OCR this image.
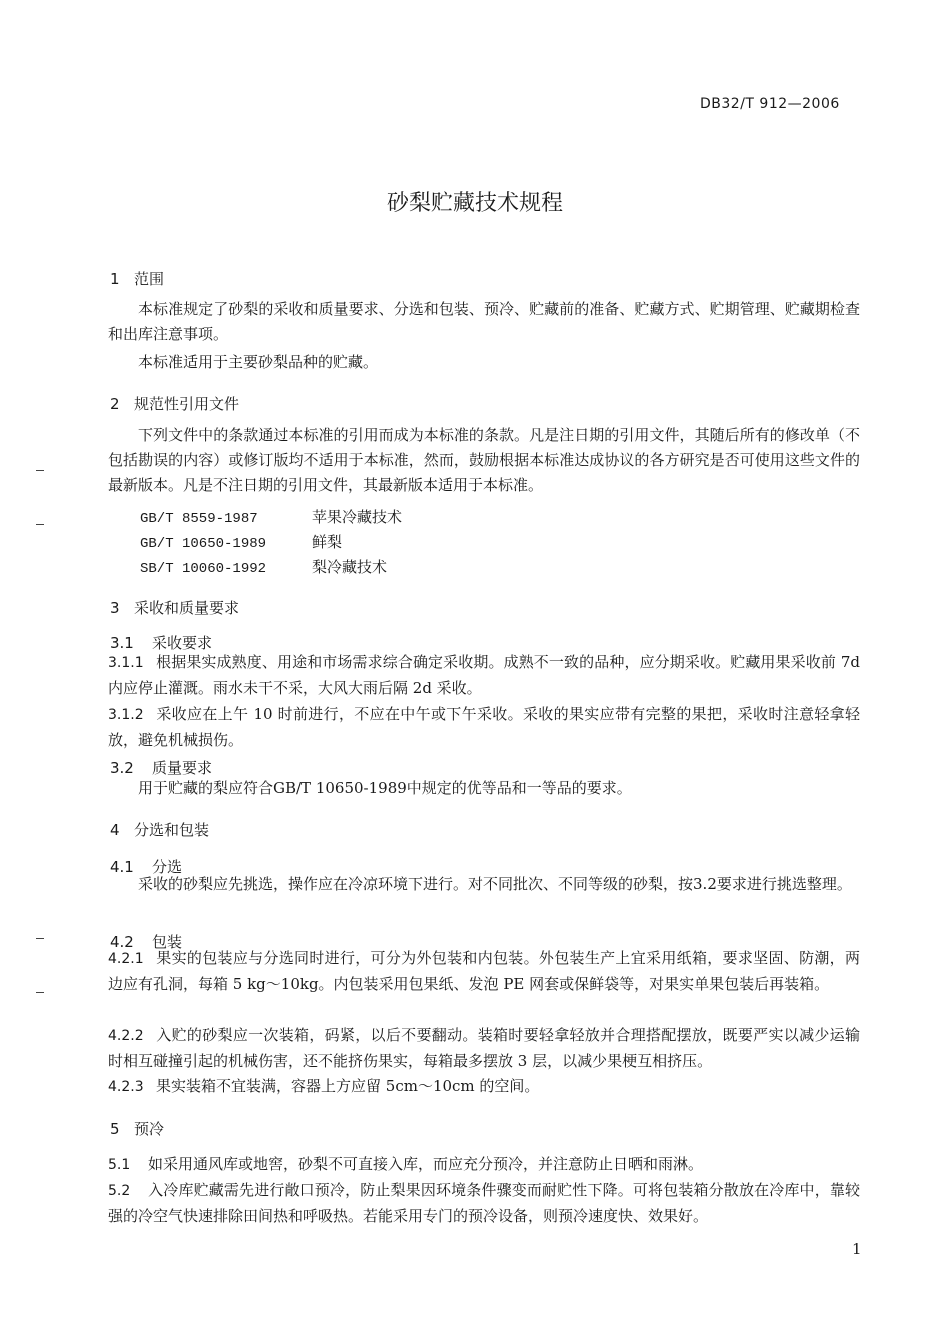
DB32/T 912—2006
砂梨贮藏技术规程
1 范围
本标准规定了砂梨的采收和质量要求、分选和包装、预冷、贮藏前的准备、贮藏方式、贮期管理、贮藏期检查和出库注意事项。
本标准适用于主要砂梨品种的贮藏。
2 规范性引用文件
下列文件中的条款通过本标准的引用而成为本标准的条款。凡是注日期的引用文件，其随后所有的修改单（不包括勘误的内容）或修订版均不适用于本标准，然而，鼓励根据本标准达成协议的各方研究是否可使用这些文件的最新版本。凡是不注日期的引用文件，其最新版本适用于本标准。
GB/T 8559-1987	苹果冷藏技术
GB/T 10650-1989	鲜梨
SB/T 10060-1992	梨冷藏技术
3 采收和质量要求
3.1 采收要求
3.1.1 根据果实成熟度、用途和市场需求综合确定采收期。成熟不一致的品种，应分期采收。贮藏用果采收前 7d 内应停止灌溉。雨水未干不采，大风大雨后隔 2d 采收。
3.1.2 采收应在上午 10 时前进行，不应在中午或下午采收。采收的果实应带有完整的果把，采收时注意轻拿轻放，避免机械损伤。
3.2 质量要求
用于贮藏的梨应符合GB/T 10650-1989中规定的优等品和一等品的要求。
4 分选和包装
4.1 分选
采收的砂梨应先挑选，操作应在冷凉环境下进行。对不同批次、不同等级的砂梨，按3.2要求进行挑选整理。
4.2 包装
4.2.1 果实的包装应与分选同时进行，可分为外包装和内包装。外包装生产上宜采用纸箱，要求坚固、防潮，两边应有孔洞，每箱 5 kg～10kg。内包装采用包果纸、发泡 PE 网套或保鲜袋等，对果实单果包装后再装箱。
4.2.2 入贮的砂梨应一次装箱，码紧，以后不要翻动。装箱时要轻拿轻放并合理搭配摆放，既要严实以减少运输时相互碰撞引起的机械伤害，还不能挤伤果实，每箱最多摆放 3 层，以减少果梗互相挤压。
4.2.3 果实装箱不宜装满，容器上方应留 5cm～10cm 的空间。
5 预冷
5.1 如采用通风库或地窖，砂梨不可直接入库，而应充分预冷，并注意防止日晒和雨淋。
5.2 入冷库贮藏需先进行敞口预冷，防止梨果因环境条件骤变而耐贮性下降。可将包装箱分散放在冷库中，靠较强的冷空气快速排除田间热和呼吸热。若能采用专门的预冷设备，则预冷速度快、效果好。
1
